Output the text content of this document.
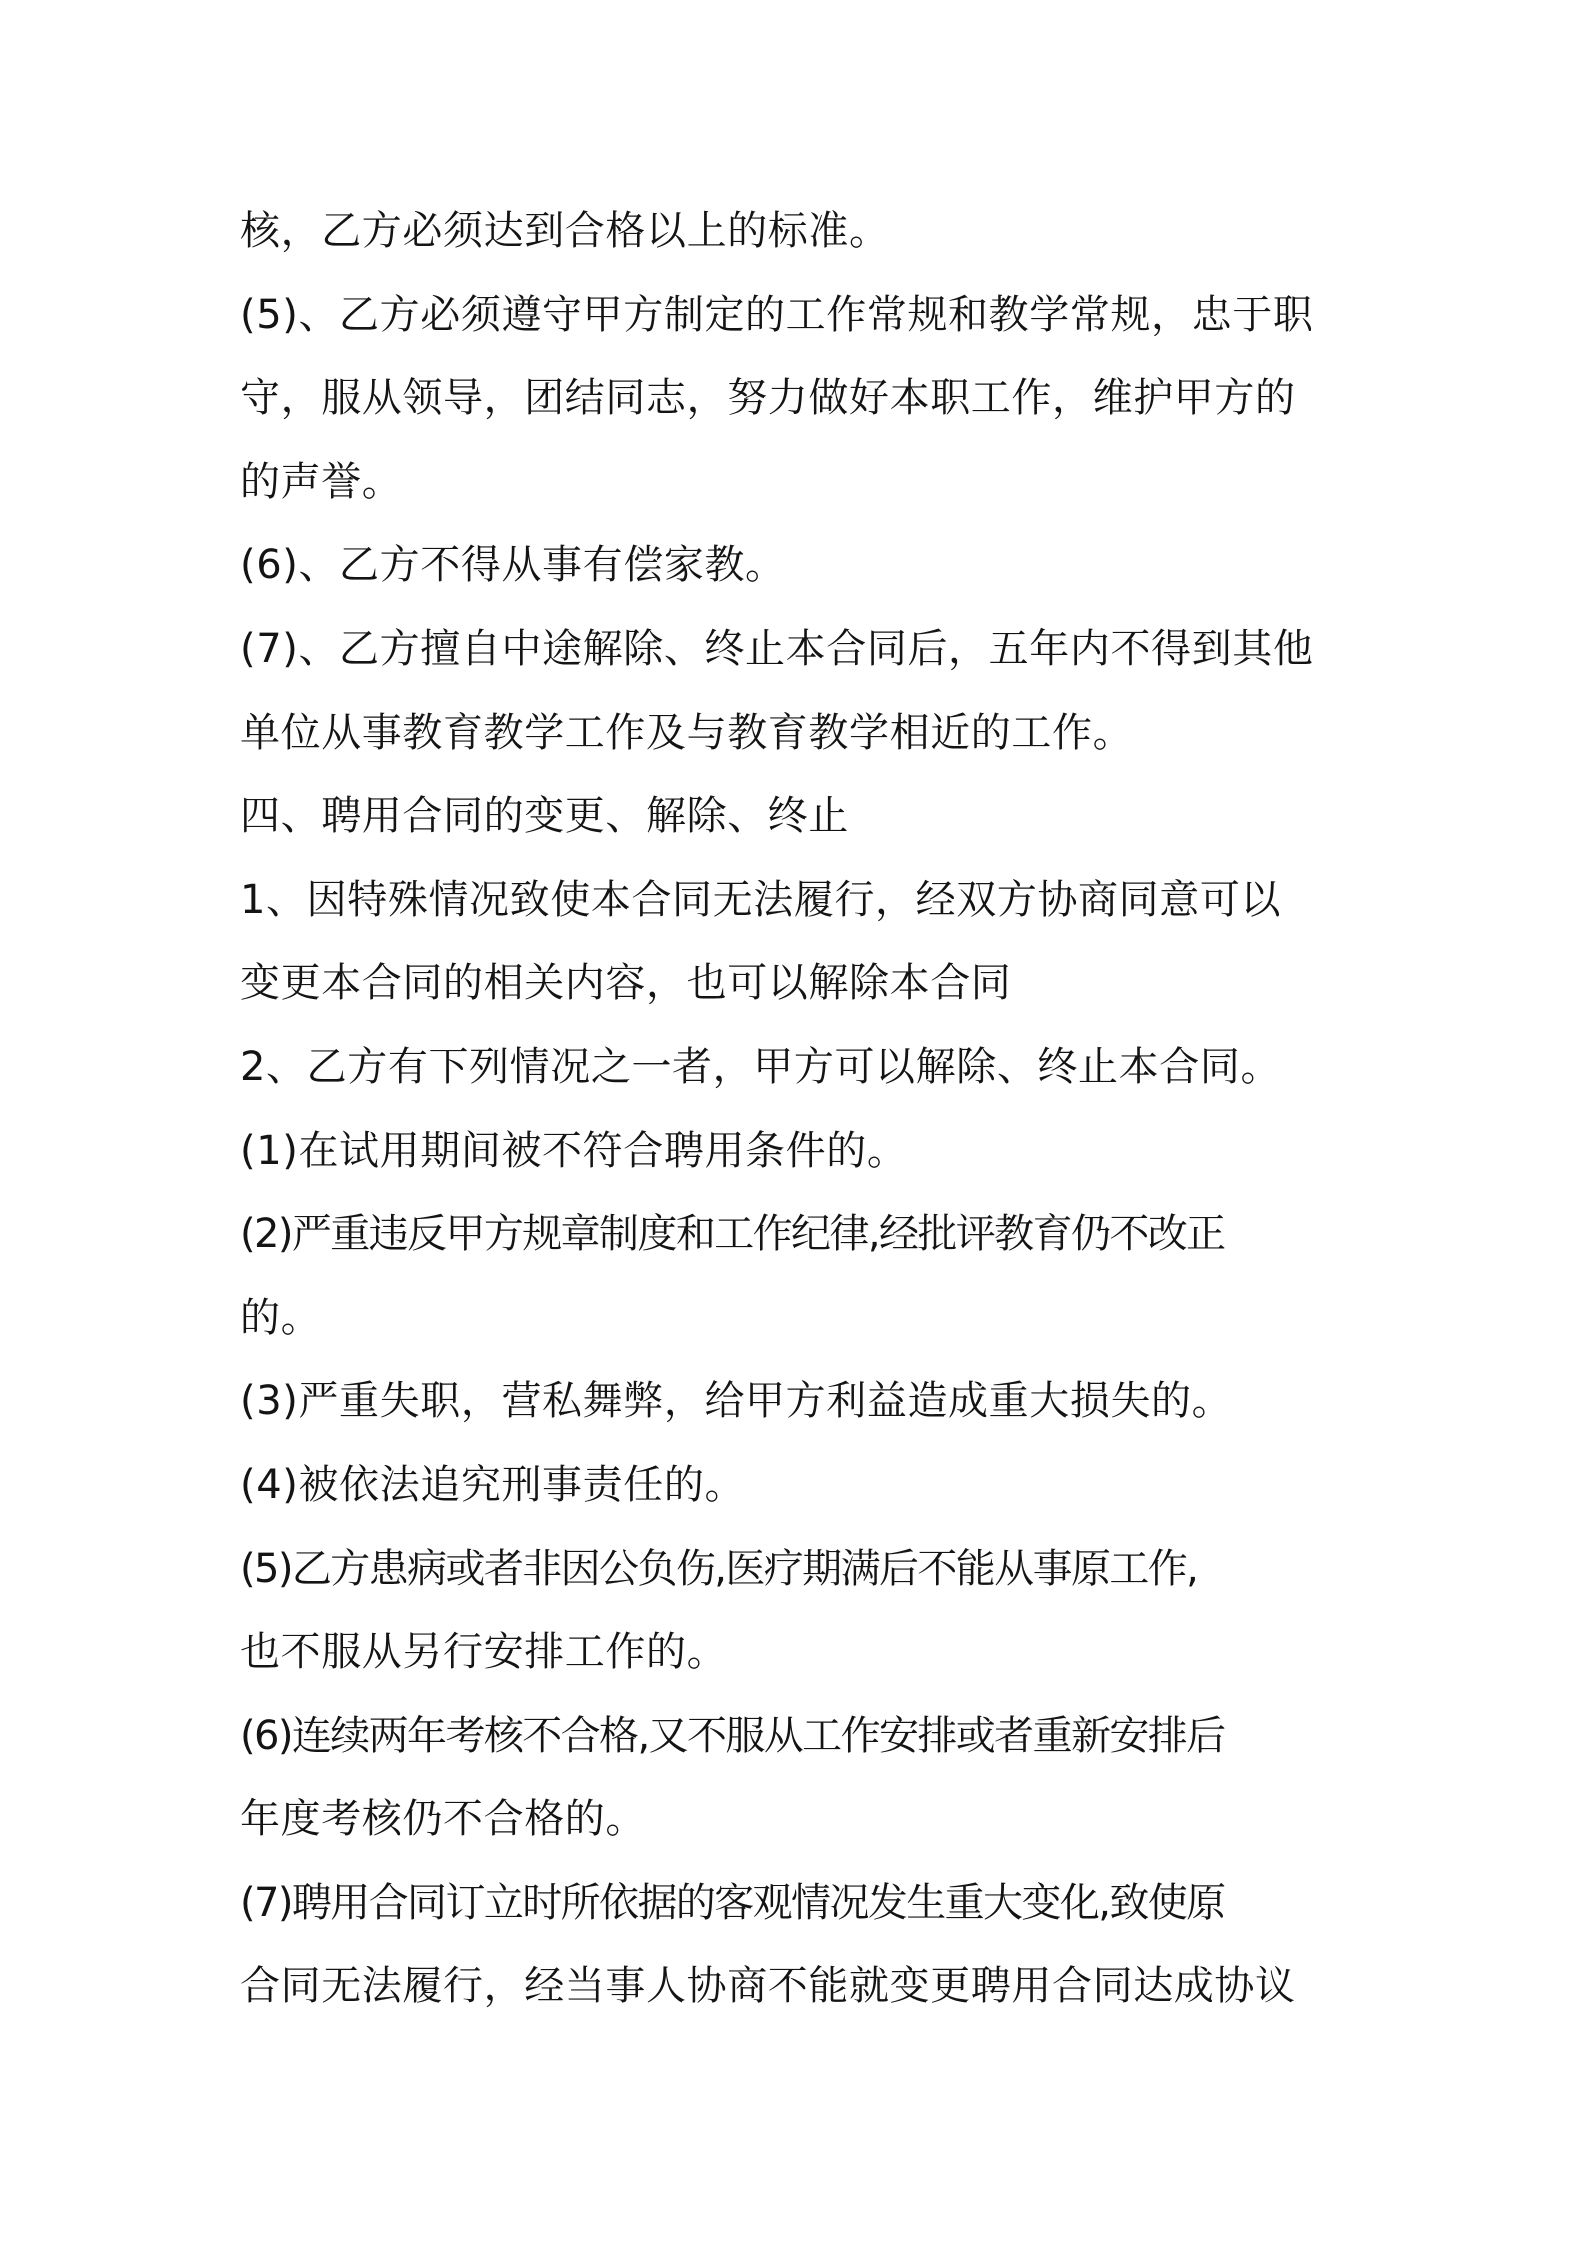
核，乙方必须达到合格以上的标准。
(5)、乙方必须遵守甲方制定的工作常规和教学常规，忠于职
守，服从领导，团结同志，努力做好本职工作，维护甲方的
的声誉。
(6)、乙方不得从事有偿家教。
(7)、乙方擅自中途解除、终止本合同后，五年内不得到其他
单位从事教育教学工作及与教育教学相近的工作。
四、聘用合同的变更、解除、终止
1、因特殊情况致使本合同无法履行，经双方协商同意可以
变更本合同的相关内容，也可以解除本合同
2、乙方有下列情况之一者，甲方可以解除、终止本合同。
(1)在试用期间被不符合聘用条件的。
(2)严重违反甲方规章制度和工作纪律,经批评教育仍不改正
的。
(3)严重失职，营私舞弊，给甲方利益造成重大损失的。
(4)被依法追究刑事责任的。
(5)乙方患病或者非因公负伤,医疗期满后不能从事原工作,
也不服从另行安排工作的。
(6)连续两年考核不合格,又不服从工作安排或者重新安排后
年度考核仍不合格的。
(7)聘用合同订立时所依据的客观情况发生重大变化,致使原
合同无法履行，经当事人协商不能就变更聘用合同达成协议
